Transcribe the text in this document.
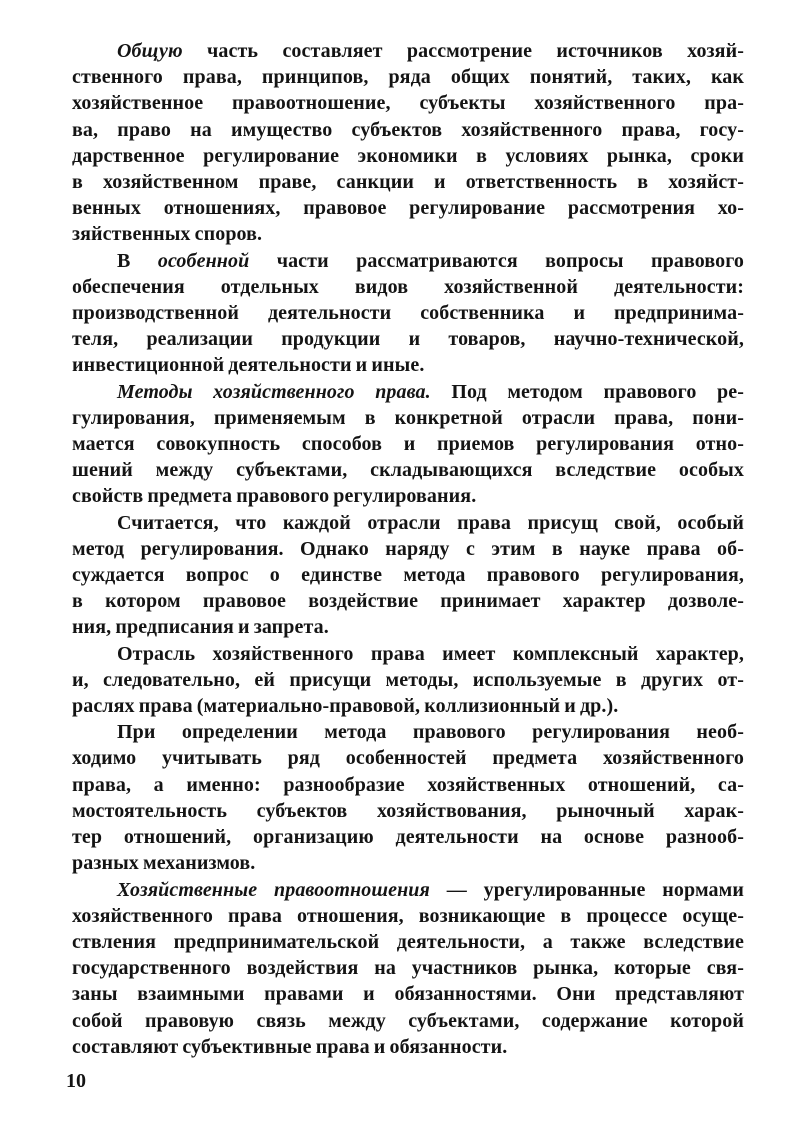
Общую часть составляет рассмотрение источников хозяй-
ственного права, принципов, ряда общих понятий, таких, как
хозяйственное правоотношение, субъекты хозяйственного пра-
ва, право на имущество субъектов хозяйственного права, госу-
дарственное регулирование экономики в условиях рынка, сроки
в хозяйственном праве, санкции и ответственность в хозяйст-
венных отношениях, правовое регулирование рассмотрения хо-
зяйственных споров.
В особенной части рассматриваются вопросы правового
обеспечения отдельных видов хозяйственной деятельности:
производственной деятельности собственника и предпринима-
теля, реализации продукции и товаров, научно-технической,
инвестиционной деятельности и иные.
Методы хозяйственного права. Под методом правового ре-
гулирования, применяемым в конкретной отрасли права, пони-
мается совокупность способов и приемов регулирования отно-
шений между субъектами, складывающихся вследствие особых
свойств предмета правового регулирования.
Считается, что каждой отрасли права присущ свой, особый
метод регулирования. Однако наряду с этим в науке права об-
суждается вопрос о единстве метода правового регулирования,
в котором правовое воздействие принимает характер дозволе-
ния, предписания и запрета.
Отрасль хозяйственного права имеет комплексный характер,
и, следовательно, ей присущи методы, используемые в других от-
раслях права (материально-правовой, коллизионный и др.).
При определении метода правового регулирования необ-
ходимо учитывать ряд особенностей предмета хозяйственного
права, а именно: разнообразие хозяйственных отношений, са-
мостоятельность субъектов хозяйствования, рыночный харак-
тер отношений, организацию деятельности на основе разнооб-
разных механизмов.
Хозяйственные правоотношения — урегулированные нормами
хозяйственного права отношения, возникающие в процессе осуще-
ствления предпринимательской деятельности, а также вследствие
государственного воздействия на участников рынка, которые свя-
заны взаимными правами и обязанностями. Они представляют
собой правовую связь между субъектами, содержание которой
составляют субъективные права и обязанности.
10
